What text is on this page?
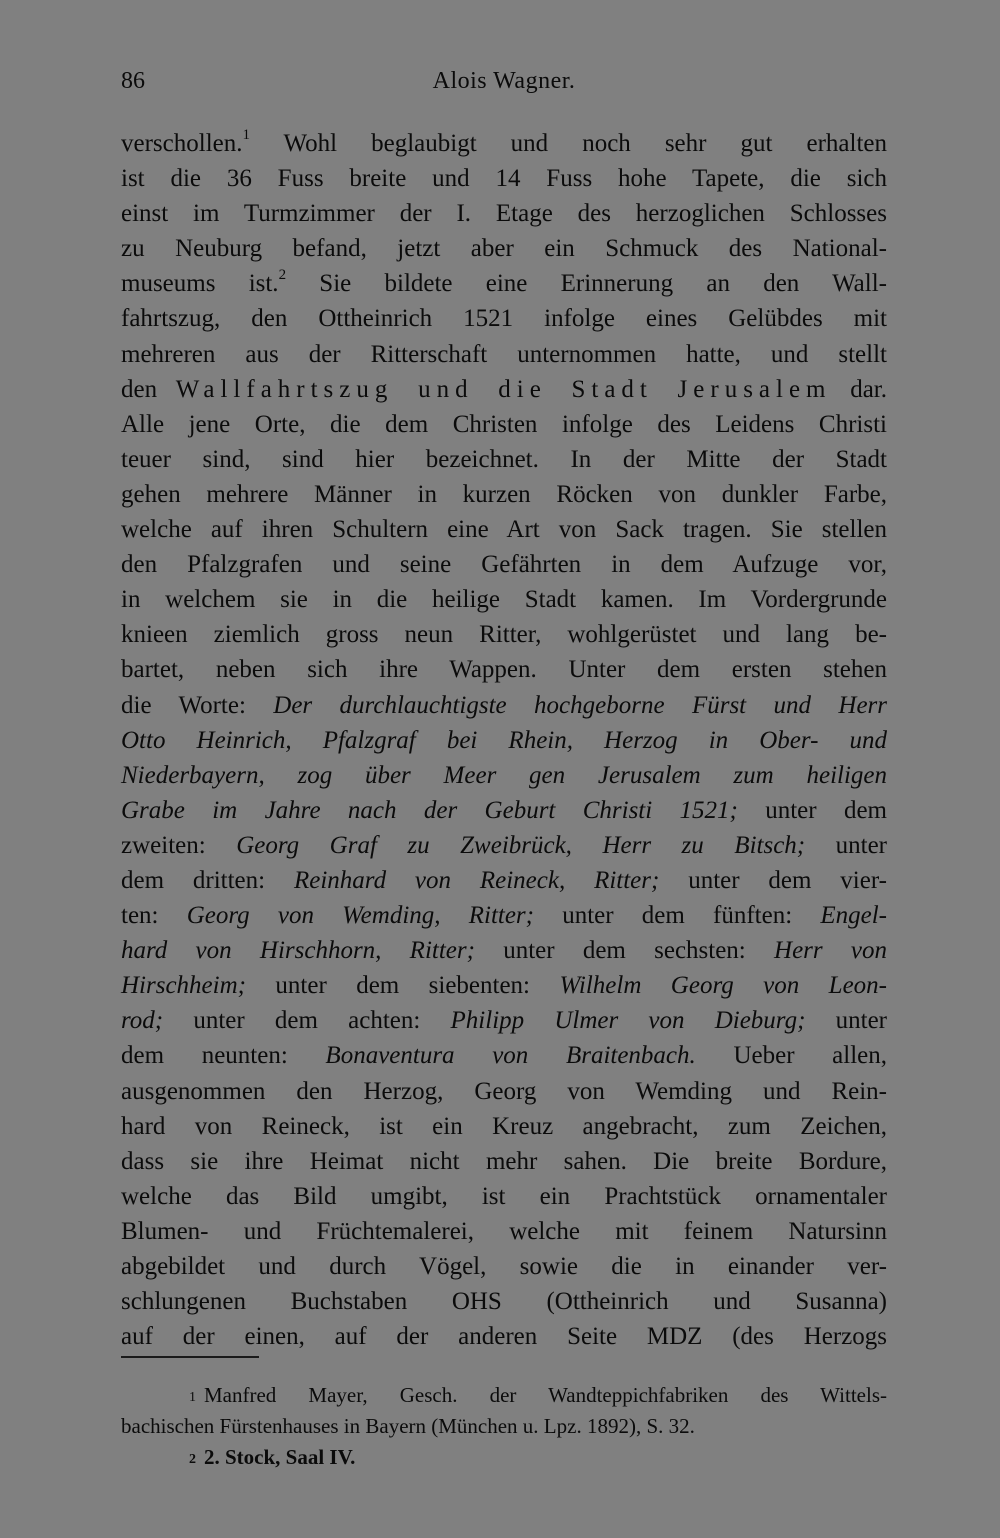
86	Alois Wagner.
verschollen.$^1$ Wohl beglaubigt und noch sehr gut erhalten
ist die 36 Fuss breite und 14 Fuss hohe Tapete, die sich
einst im Turmzimmer der I. Etage des herzoglichen Schlosses
zu Neuburg befand, jetzt aber ein Schmuck des National-
museums ist.$^2$ Sie bildete eine Erinnerung an den Wall-
fahrtszug, den Ottheinrich 1521 infolge eines Gelübdes mit
mehreren aus der Ritterschaft unternommen hatte, und stellt
den Wallfahrtszug und die Stadt Jerusalem dar.
Alle jene Orte, die dem Christen infolge des Leidens Christi
teuer sind, sind hier bezeichnet. In der Mitte der Stadt
gehen mehrere Männer in kurzen Röcken von dunkler Farbe,
welche auf ihren Schultern eine Art von Sack tragen. Sie stellen
den Pfalzgrafen und seine Gefährten in dem Aufzuge vor,
in welchem sie in die heilige Stadt kamen. Im Vordergrunde
knieen ziemlich gross neun Ritter, wohlgerüstet und lang be-
bartet, neben sich ihre Wappen. Unter dem ersten stehen
die Worte: Der durchlauchtigste hochgeborne Fürst und Herr
Otto Heinrich, Pfalzgraf bei Rhein, Herzog in Ober- und
Niederbayern, zog über Meer gen Jerusalem zum heiligen
Grabe im Jahre nach der Geburt Christi 1521; unter dem
zweiten: Georg Graf zu Zweibrück, Herr zu Bitsch; unter
dem dritten: Reinhard von Reineck, Ritter; unter dem vier-
ten: Georg von Wemding, Ritter; unter dem fünften: Engel-
hard von Hirschhorn, Ritter; unter dem sechsten: Herr von
Hirschheim; unter dem siebenten: Wilhelm Georg von Leon-
rod; unter dem achten: Philipp Ulmer von Dieburg; unter
dem neunten: Bonaventura von Braitenbach. Ueber allen,
ausgenommen den Herzog, Georg von Wemding und Rein-
hard von Reineck, ist ein Kreuz angebracht, zum Zeichen,
dass sie ihre Heimat nicht mehr sahen. Die breite Bordure,
welche das Bild umgibt, ist ein Prachtstück ornamentaler
Blumen- und Früchtemalerei, welche mit feinem Natursinn
abgebildet und durch Vögel, sowie die in einander ver-
schlungenen Buchstaben OHS (Ottheinrich und Susanna)
auf der einen, auf der anderen Seite MDZ (des Herzogs
$^1$ Manfred Mayer, Gesch. der Wandteppichfabriken des Wittels-
bachischen Fürstenhauses in Bayern (München u. Lpz. 1892), S. 32.
$^2$ 2. Stock, Saal IV.
